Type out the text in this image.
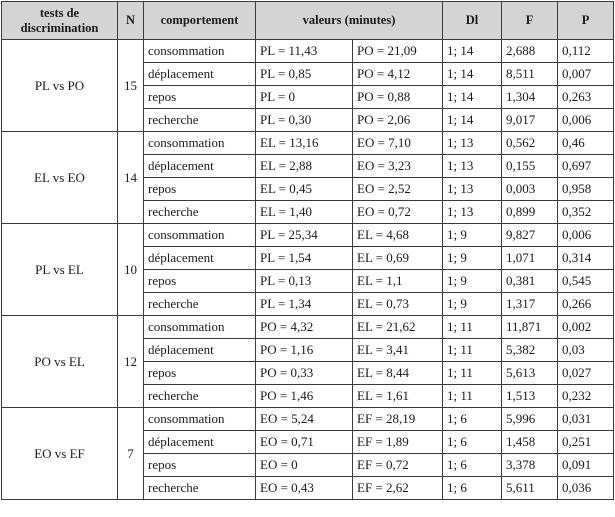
tests de discrimination	N	comportement	valeurs (minutes)		Dl	F	P
PL vs PO	15	consommation	PL = 11,43	PO = 21,09	1; 14	2,688	0,112
		déplacement	PL = 0,85	PO = 4,12	1; 14	8,511	0,007
		repos	PL = 0	PO = 0,88	1; 14	1,304	0,263
		recherche	PL = 0,30	PO = 2,06	1; 14	9,017	0,006
EL vs EO	14	consommation	EL = 13,16	EO = 7,10	1; 13	0,562	0,46
		déplacement	EL = 2,88	EO = 3,23	1; 13	0,155	0,697
		repos	EL = 0,45	EO = 2,52	1; 13	0,003	0,958
		recherche	EL = 1,40	EO = 0,72	1; 13	0,899	0,352
PL vs EL	10	consommation	PL = 25,34	EL = 4,68	1; 9	9,827	0,006
		déplacement	PL = 1,54	EL = 0,69	1; 9	1,071	0,314
		repos	PL = 0,13	EL = 1,1	1; 9	0,381	0,545
		recherche	PL = 1,34	EL = 0,73	1; 9	1,317	0,266
PO vs EL	12	consommation	PO = 4,32	EL = 21,62	1; 11	11,871	0,002
		déplacement	PO = 1,16	EL = 3,41	1; 11	5,382	0,03
		repos	PO = 0,33	EL = 8,44	1; 11	5,613	0,027
		recherche	PO = 1,46	EL = 1,61	1; 11	1,513	0,232
EO vs EF	7	consommation	EO = 5,24	EF = 28,19	1; 6	5,996	0,031
		déplacement	EO = 0,71	EF = 1,89	1; 6	1,458	0,251
		repos	EO = 0	EF = 0,72	1; 6	3,378	0,091
		recherche	EO = 0,43	EF = 2,62	1; 6	5,611	0,036
